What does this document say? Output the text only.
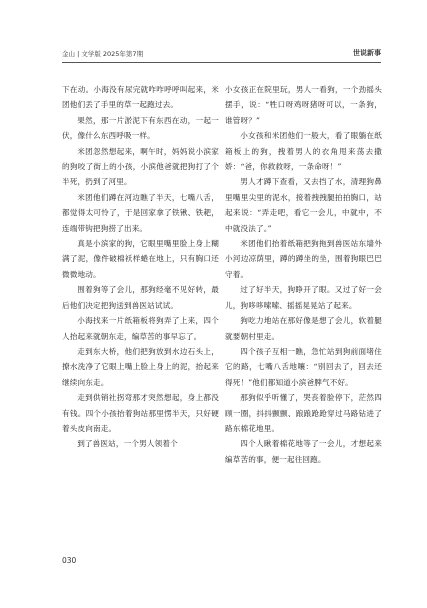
金山 | 文学版 2025年第7期	世说新事

下在动。小海没有尿完就咋咋呼呼叫起来，米团他们丢了手里的草一起跑过去。

果然，那一片淤泥下有东西在动，一起一伏，像什么东西呼吸一样。

米团忽然想起来，啊午时，妈妈说小滨家的狗咬了街上的小孩，小滨他爸就把狗打了个半死，扔到了河里。

米团他们蹲在河边瞧了半天，七嘴八舌，都觉得太可怜了，于是回家拿了铁锹、铁耙，连端带钩把狗捞了出来。

真是小滨家的狗，它眼里嘴里脸上身上糊满了泥，像件破棉袄样蜷在地上，只有胸口还微微地动。

围着狗等了会儿，那狗经毫不见好转，最后他们决定把狗送到兽医站试试。

小海找来一片纸箱板将狗弄了上来，四个人抬起来就朝东走，编草苦的事早忘了。

走到东大桥，他们把狗放到水边石头上，撩水洗净了它眼上嘴上脸上身上的泥，抬起来继续向东走。

走到供销社拐弯那才突然想起，身上都没有钱。四个小孩抬着狗站那里愣半天，只好硬着头皮向南走。

到了兽医站，一个男人领着个

小女孩正在院里玩，男人一看狗，一个劲摇头摆手，说：“牲口呀鸡呀猪呀可以，一条狗，谁管呀？”

小女孩和米团他们一般大，看了眼躺在纸箱板上的狗，拽着男人的衣角甩来荡去撒娇：“爸，你救救呀，一条命呀！”

男人才蹲下查看，又去挡了水，清理狗鼻里嘴里尖里的泥水，接着拽拽腿拍拍胸口，站起来说：“弄走吧，看它一会儿，中就中，不中就没法了。”

米团他们抬着纸箱把狗拖到兽医站东墙外小河边凉荫里，蹲的蹲坐的坐，围着狗眼巴巴守着。

过了好半天，狗睁开了眼。又过了好一会儿，狗哆哆嗦嗦、摇摇晃晃站了起来。

狗吃力地站在那好像是想了会儿，软着腿就要朝村里走。

四个孩子互相一瞧，急忙站到狗前面堵住它的路，七嘴八舌地嚷：“别回去了，回去还得死！”他们都知道小滨爸脾气不好。

那狗似乎听懂了，哭丧着脸停下，茫然四顾一圈，抖抖颤颤、踉踉跄跄穿过马路钻进了路东棉花地里。

四个人瞅着棉花地等了一会儿，才想起来编草苦的事，便一起往回跑。

030
